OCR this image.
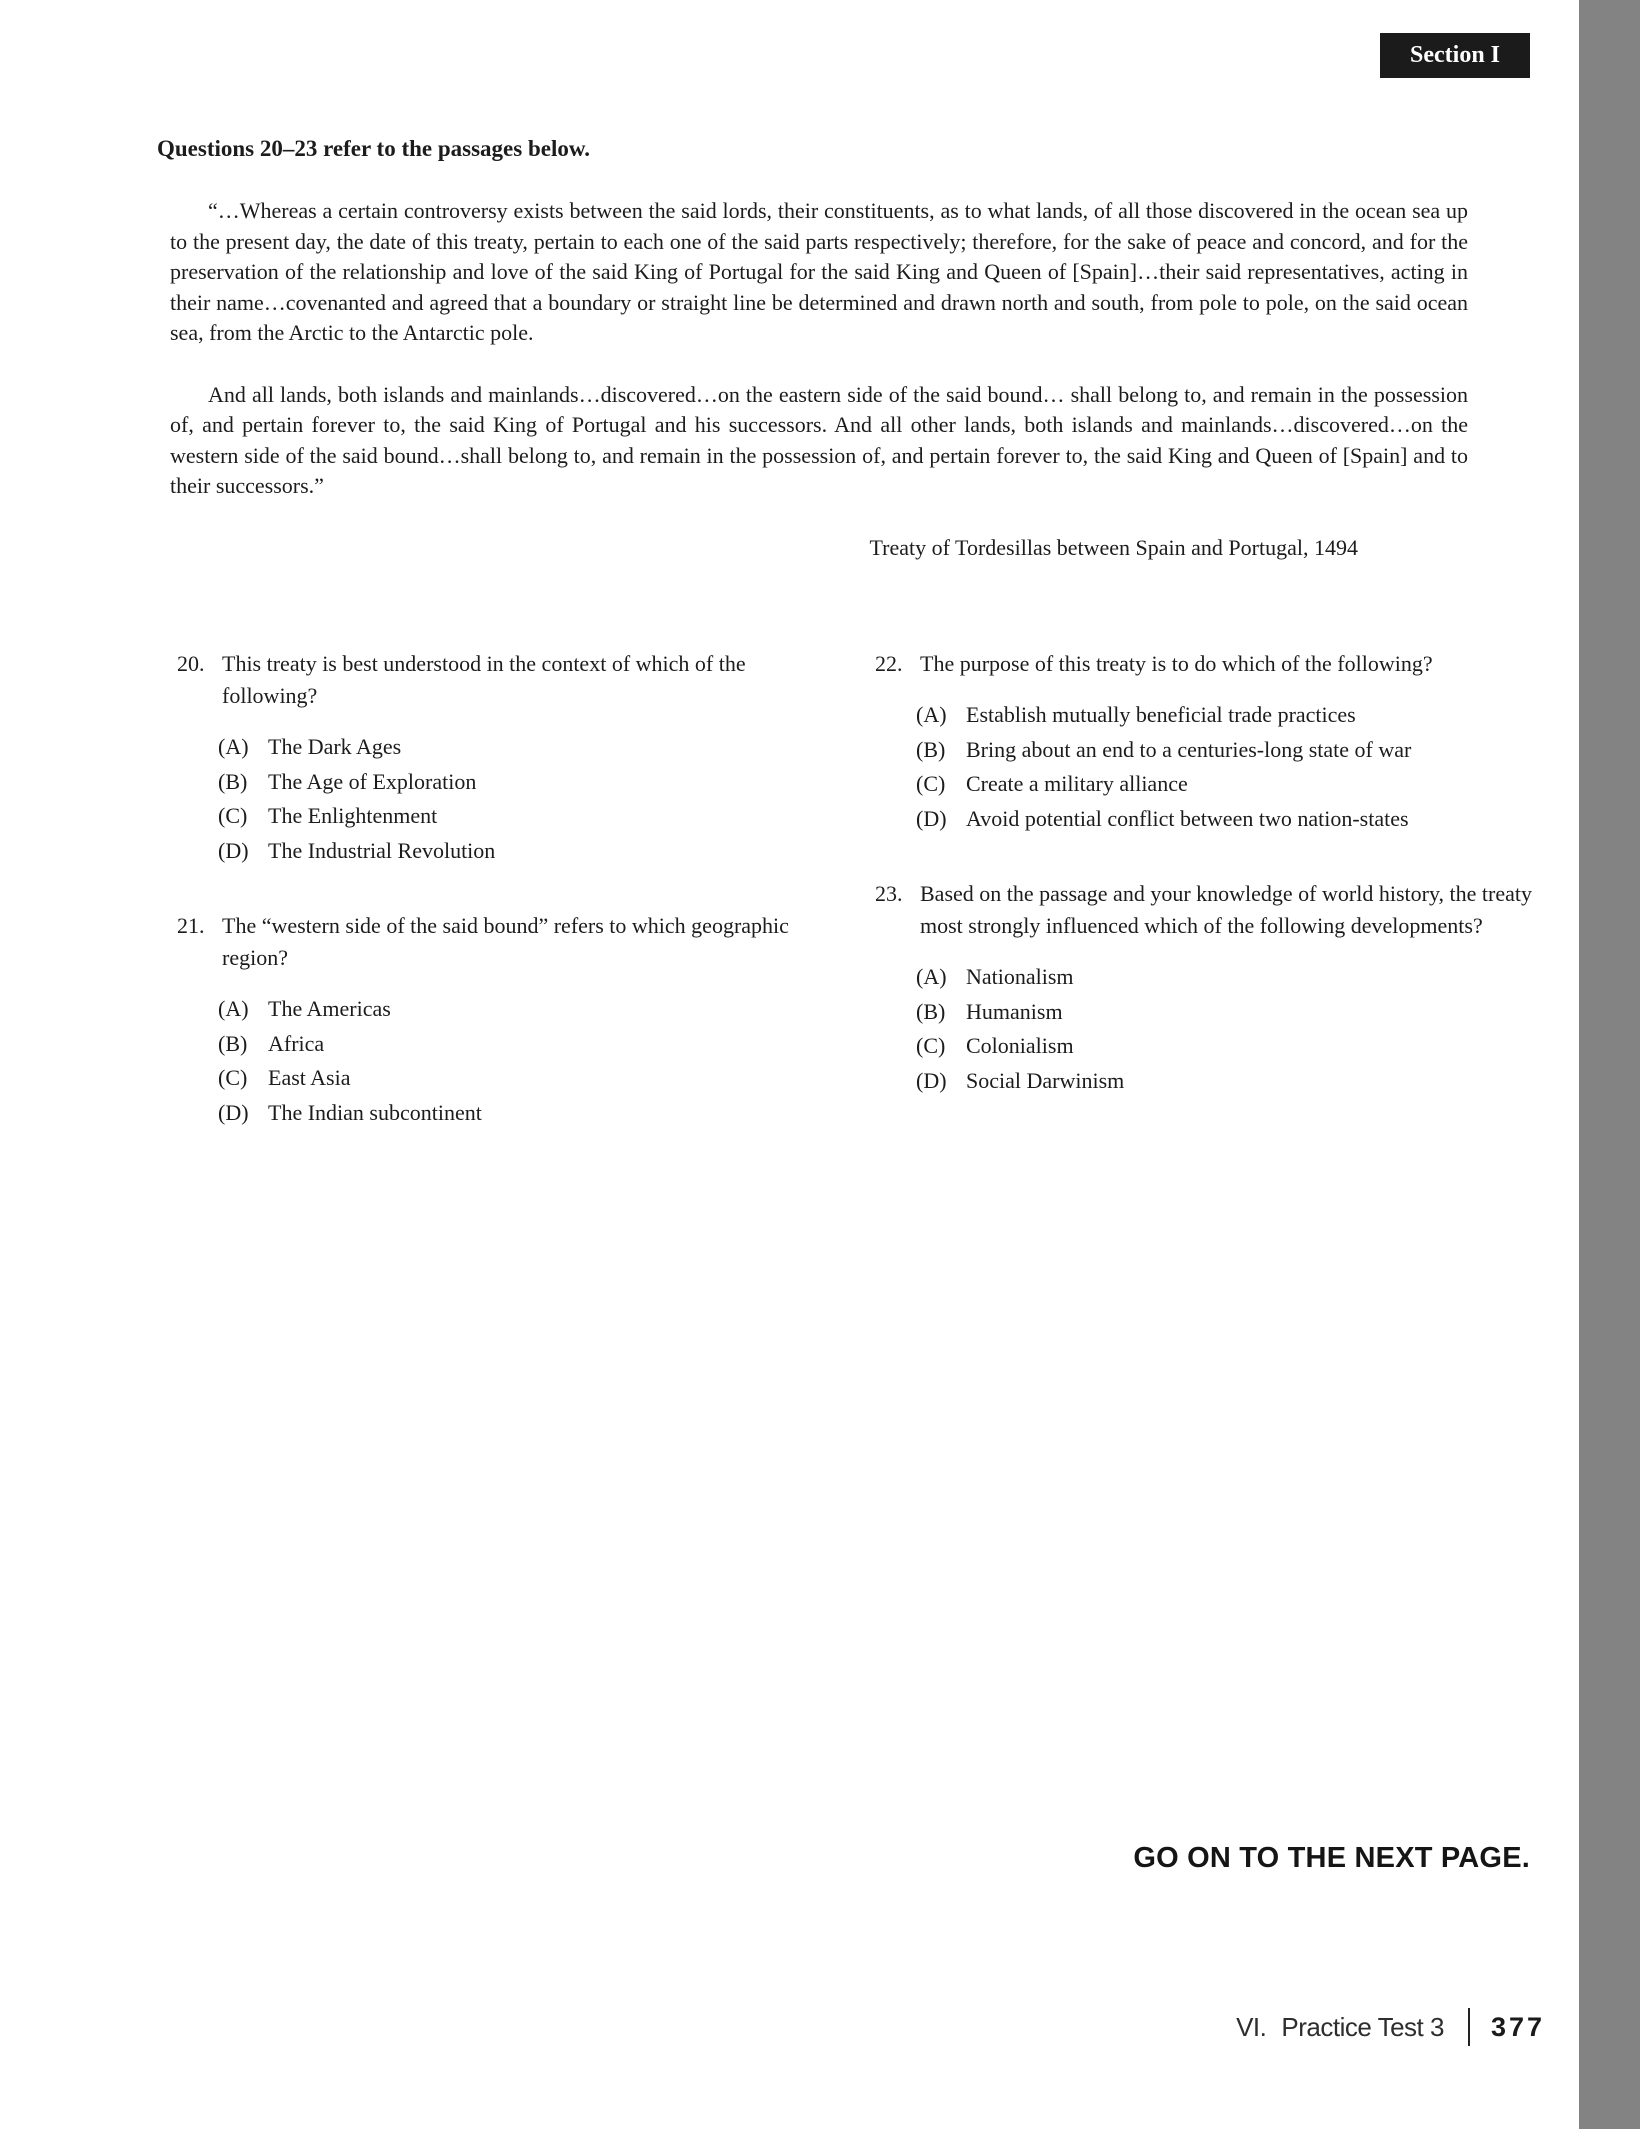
Section I
Questions 20–23 refer to the passages below.

“…Whereas a certain controversy exists between the said lords, their constituents, as to what lands, of all those discovered in the ocean sea up to the present day, the date of this treaty, pertain to each one of the said parts respectively; therefore, for the sake of peace and concord, and for the preservation of the relationship and love of the said King of Portugal for the said King and Queen of [Spain]…their said representatives, acting in their name…covenanted and agreed that a boundary or straight line be determined and drawn north and south, from pole to pole, on the said ocean sea, from the Arctic to the Antarctic pole.

And all lands, both islands and mainlands…discovered…on the eastern side of the said bound… shall belong to, and remain in the possession of, and pertain forever to, the said King of Portugal and his successors. And all other lands, both islands and mainlands…discovered…on the western side of the said bound…shall belong to, and remain in the possession of, and pertain forever to, the said King and Queen of [Spain] and to their successors.”

Treaty of Tordesillas between Spain and Portugal, 1494

20. This treaty is best understood in the context of which of the following?
(A) The Dark Ages
(B) The Age of Exploration
(C) The Enlightenment
(D) The Industrial Revolution
21. The “western side of the said bound” refers to which geographic region?
(A) The Americas
(B) Africa
(C) East Asia
(D) The Indian subcontinent
22. The purpose of this treaty is to do which of the following?
(A) Establish mutually beneficial trade practices
(B) Bring about an end to a centuries-long state of war
(C) Create a military alliance
(D) Avoid potential conflict between two nation-states
23. Based on the passage and your knowledge of world history, the treaty most strongly influenced which of the following developments?
(A) Nationalism
(B) Humanism
(C) Colonialism
(D) Social Darwinism
GO ON TO THE NEXT PAGE.
VI. Practice Test 3 377
